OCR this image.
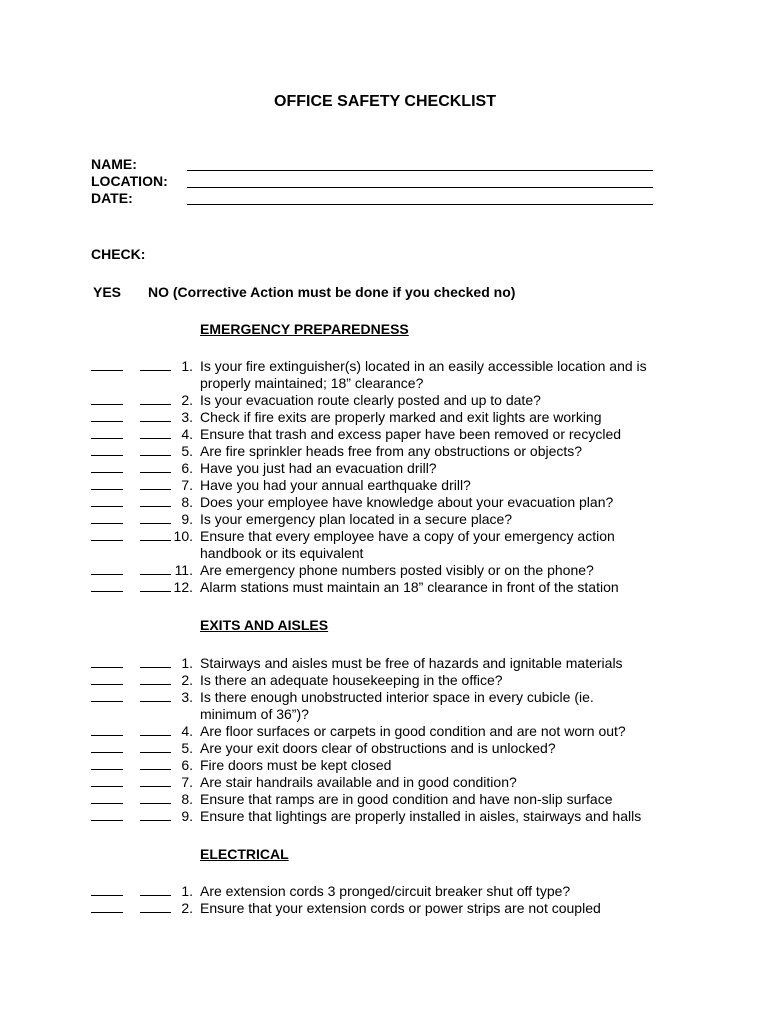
OFFICE SAFETY CHECKLIST
NAME:
LOCATION:
DATE:
CHECK:
YES NO (Corrective Action must be done if you checked no)
EMERGENCY PREPAREDNESS
1. Is your fire extinguisher(s) located in an easily accessible location and is
properly maintained; 18” clearance?
2. Is your evacuation route clearly posted and up to date?
3. Check if fire exits are properly marked and exit lights are working
4. Ensure that trash and excess paper have been removed or recycled
5. Are fire sprinkler heads free from any obstructions or objects?
6. Have you just had an evacuation drill?
7. Have you had your annual earthquake drill?
8. Does your employee have knowledge about your evacuation plan?
9. Is your emergency plan located in a secure place?
10. Ensure that every employee have a copy of your emergency action
handbook or its equivalent
11. Are emergency phone numbers posted visibly or on the phone?
12. Alarm stations must maintain an 18” clearance in front of the station
EXITS AND AISLES
1. Stairways and aisles must be free of hazards and ignitable materials
2. Is there an adequate housekeeping in the office?
3. Is there enough unobstructed interior space in every cubicle (ie.
minimum of 36”)?
4. Are floor surfaces or carpets in good condition and are not worn out?
5. Are your exit doors clear of obstructions and is unlocked?
6. Fire doors must be kept closed
7. Are stair handrails available and in good condition?
8. Ensure that ramps are in good condition and have non-slip surface
9. Ensure that lightings are properly installed in aisles, stairways and halls
ELECTRICAL
1. Are extension cords 3 pronged/circuit breaker shut off type?
2. Ensure that your extension cords or power strips are not coupled
